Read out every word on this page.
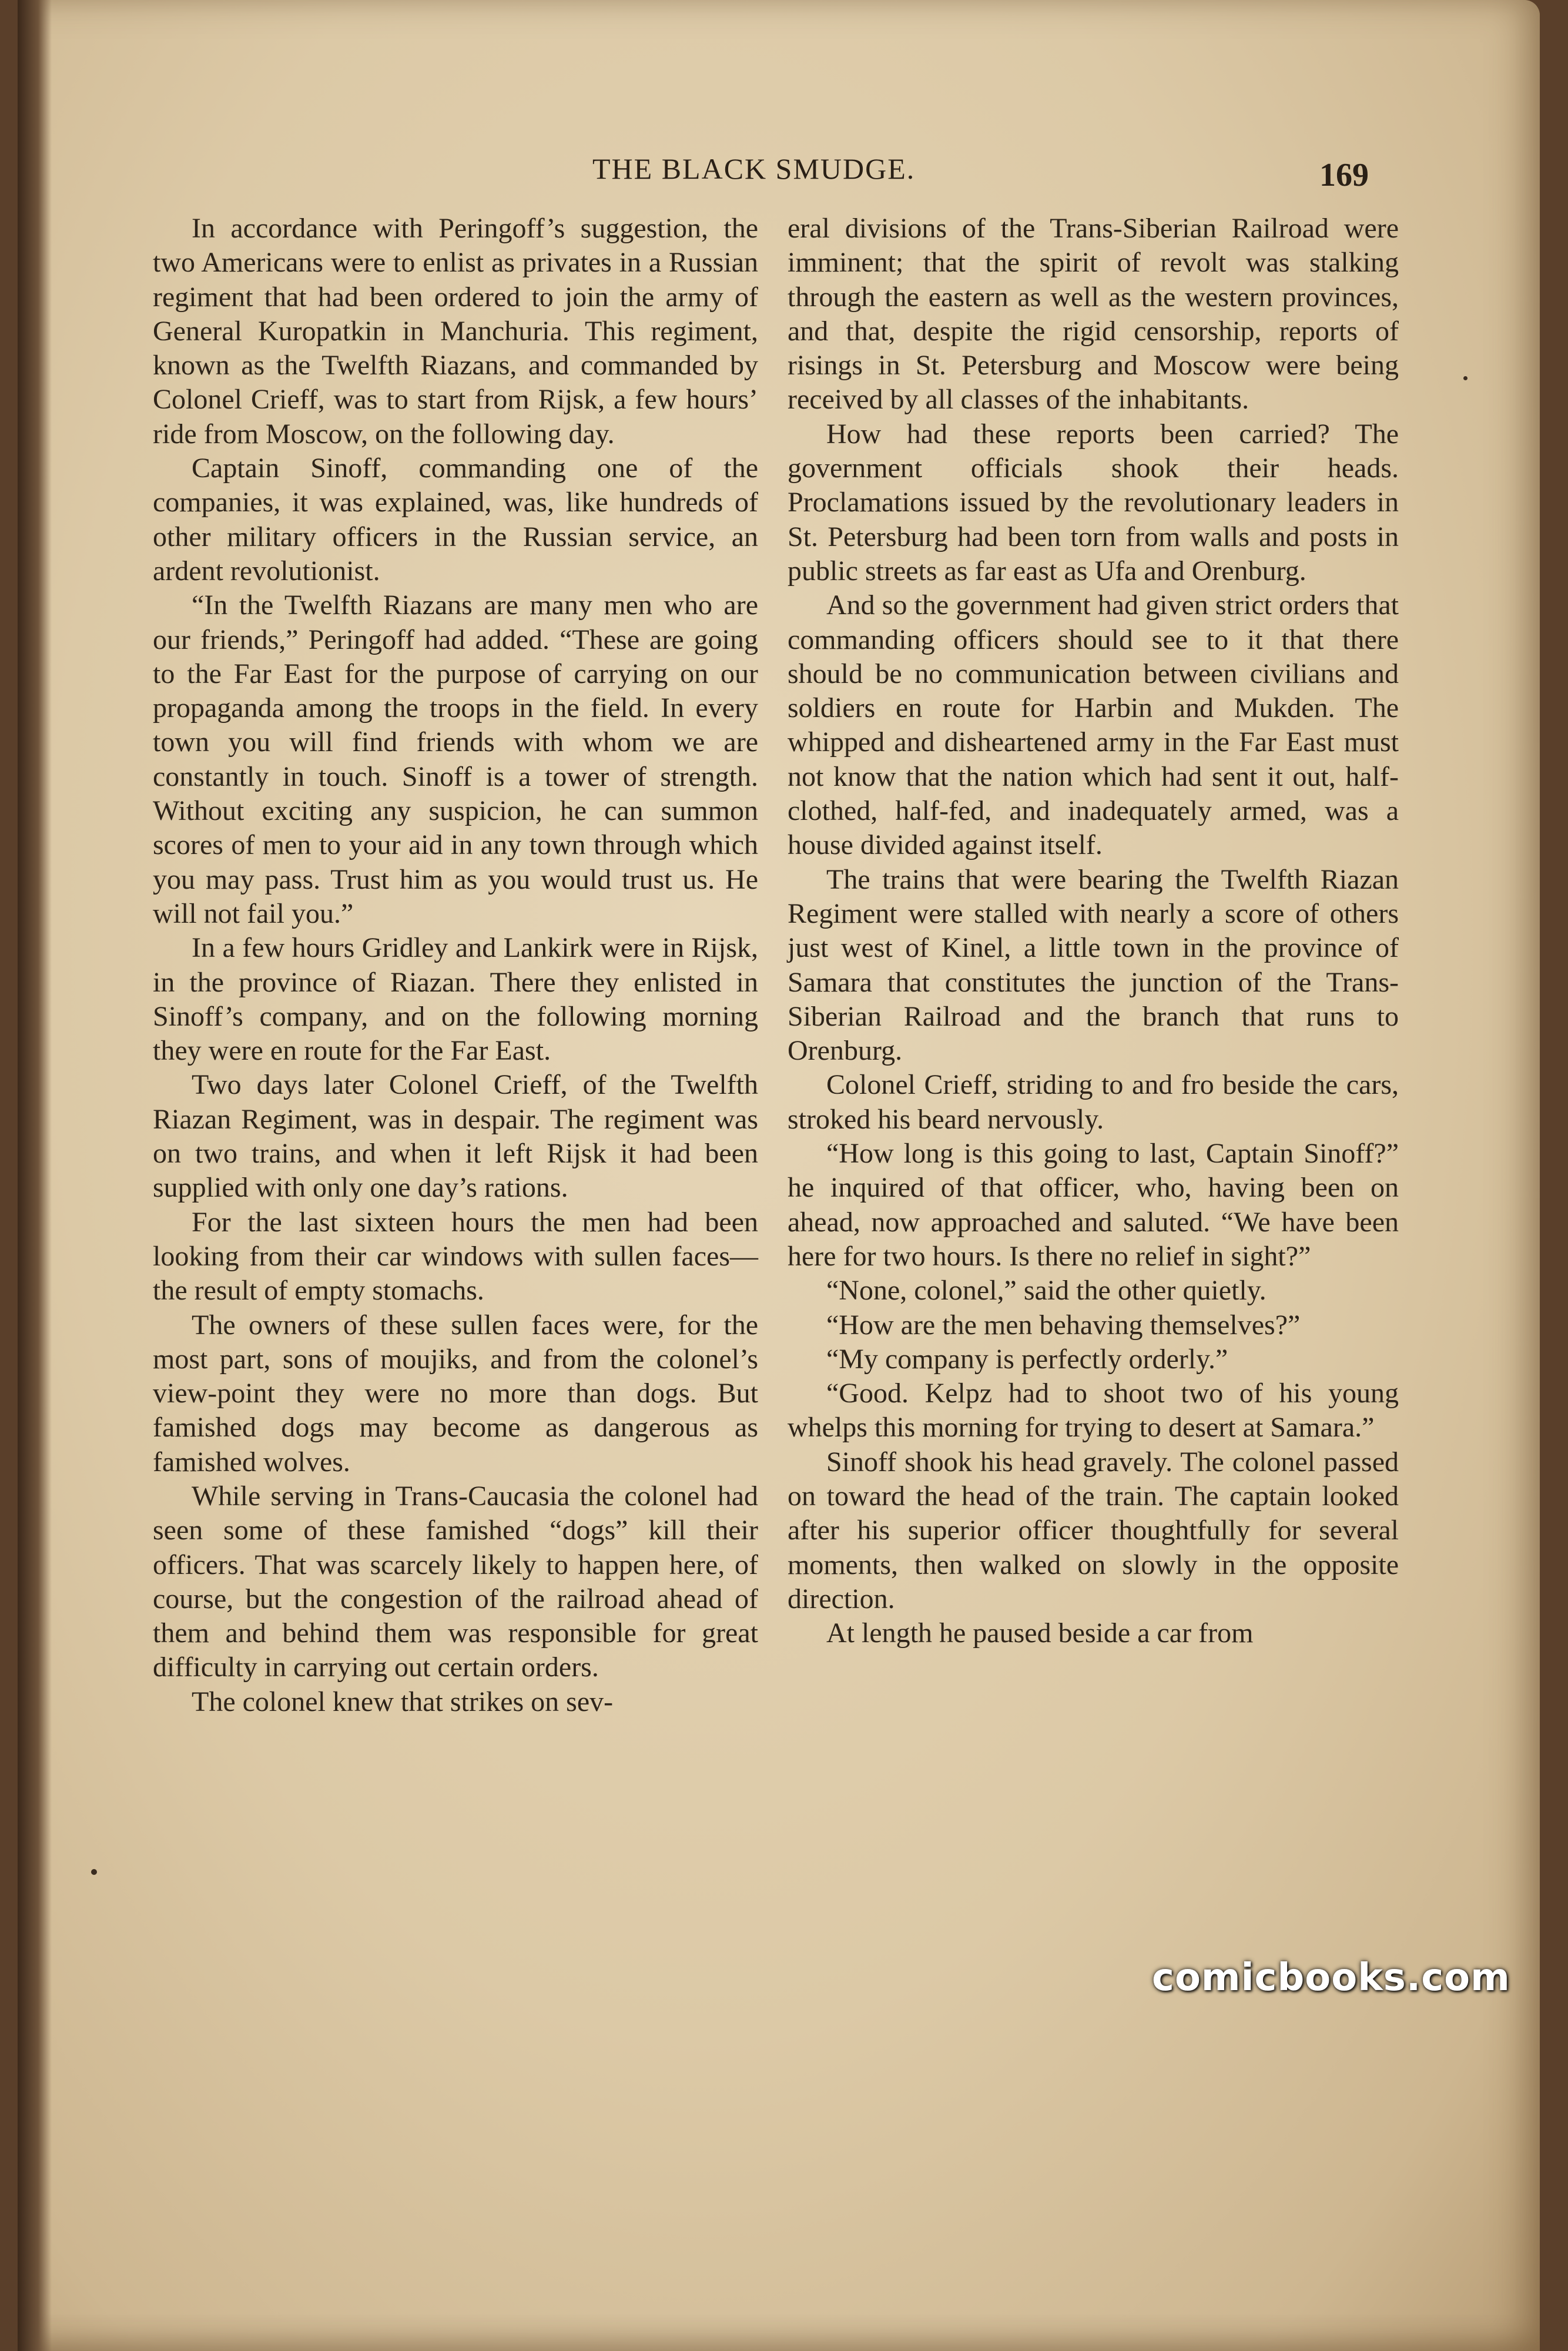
THE BLACK SMUDGE.	169

In accordance with Peringoff’s suggestion, the two Americans were to enlist as privates in a Russian regiment that had been ordered to join the army of General Kuropatkin in Manchuria. This regiment, known as the Twelfth Riazans, and commanded by Colonel Crieff, was to start from Rijsk, a few hours’ ride from Moscow, on the following day.

Captain Sinoff, commanding one of the companies, it was explained, was, like hundreds of other military officers in the Russian service, an ardent revolutionist.

“In the Twelfth Riazans are many men who are our friends,” Peringoff had added. “These are going to the Far East for the purpose of carrying on our propaganda among the troops in the field. In every town you will find friends with whom we are constantly in touch. Sinoff is a tower of strength. Without exciting any suspicion, he can summon scores of men to your aid in any town through which you may pass. Trust him as you would trust us. He will not fail you.”

In a few hours Gridley and Lankirk were in Rijsk, in the province of Riazan. There they enlisted in Sinoff’s company, and on the following morning they were en route for the Far East.

Two days later Colonel Crieff, of the Twelfth Riazan Regiment, was in despair. The regiment was on two trains, and when it left Rijsk it had been supplied with only one day’s rations.

For the last sixteen hours the men had been looking from their car windows with sullen faces—the result of empty stomachs.

The owners of these sullen faces were, for the most part, sons of moujiks, and from the colonel’s view-point they were no more than dogs. But famished dogs may become as dangerous as famished wolves.

While serving in Trans-Caucasia the colonel had seen some of these famished “dogs” kill their officers. That was scarcely likely to happen here, of course, but the congestion of the railroad ahead of them and behind them was responsible for great difficulty in carrying out certain orders.

The colonel knew that strikes on sev-

eral divisions of the Trans-Siberian Railroad were imminent; that the spirit of revolt was stalking through the eastern as well as the western provinces, and that, despite the rigid censorship, reports of risings in St. Petersburg and Moscow were being received by all classes of the inhabitants.

How had these reports been carried? The government officials shook their heads. Proclamations issued by the revolutionary leaders in St. Petersburg had been torn from walls and posts in public streets as far east as Ufa and Orenburg.

And so the government had given strict orders that commanding officers should see to it that there should be no communication between civilians and soldiers en route for Harbin and Mukden. The whipped and disheartened army in the Far East must not know that the nation which had sent it out, half-clothed, half-fed, and inadequately armed, was a house divided against itself.

The trains that were bearing the Twelfth Riazan Regiment were stalled with nearly a score of others just west of Kinel, a little town in the province of Samara that constitutes the junction of the Trans-Siberian Railroad and the branch that runs to Orenburg.

Colonel Crieff, striding to and fro beside the cars, stroked his beard nervously.

“How long is this going to last, Captain Sinoff?” he inquired of that officer, who, having been on ahead, now approached and saluted. “We have been here for two hours. Is there no relief in sight?”

“None, colonel,” said the other quietly.

“How are the men behaving themselves?”

“My company is perfectly orderly.”

“Good. Kelpz had to shoot two of his young whelps this morning for trying to desert at Samara.”

Sinoff shook his head gravely. The colonel passed on toward the head of the train. The captain looked after his superior officer thoughtfully for several moments, then walked on slowly in the opposite direction.

At length he paused beside a car from

comicbooks.com
